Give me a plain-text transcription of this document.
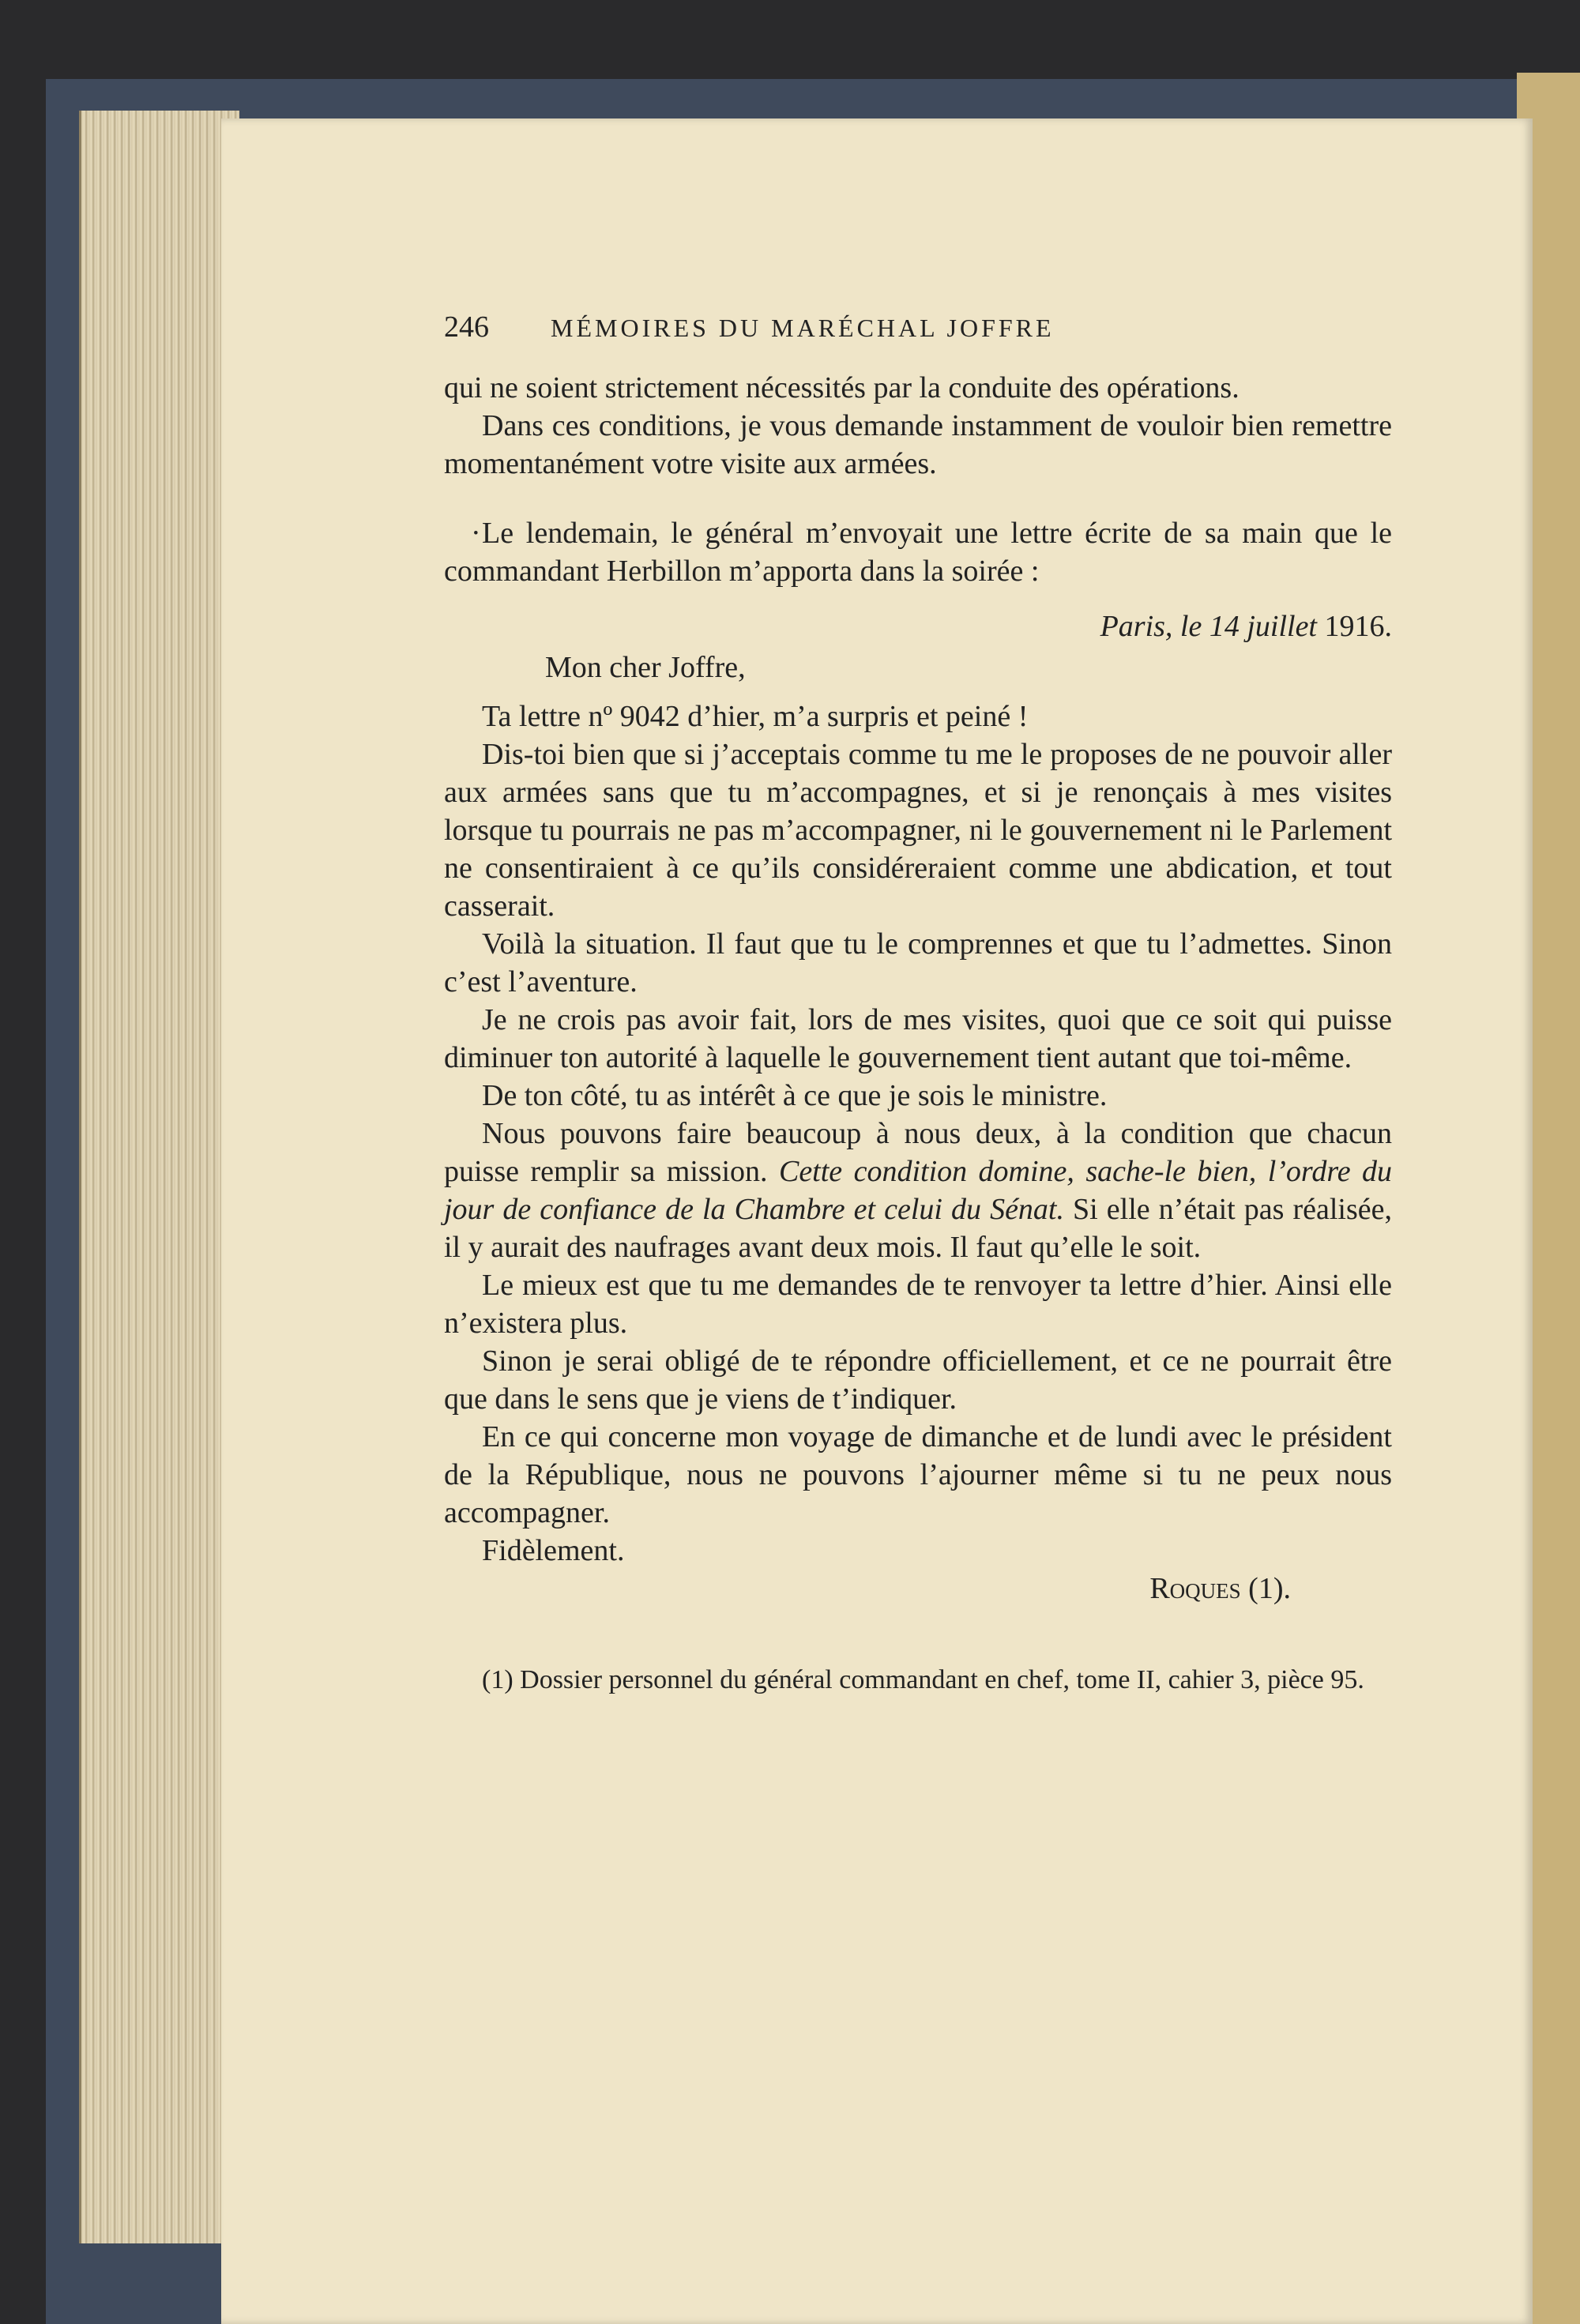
246	MÉMOIRES DU MARÉCHAL JOFFRE

qui ne soient strictement nécessités par la conduite des opérations.

Dans ces conditions, je vous demande instamment de vouloir bien remettre momentanément votre visite aux armées.

· Le lendemain, le général m’envoyait une lettre écrite de sa main que le commandant Herbillon m’apporta dans la soirée :

Paris, le 14 juillet 1916.
Mon cher Joffre,

Ta lettre nº 9042 d’hier, m’a surpris et peiné !

Dis-toi bien que si j’acceptais comme tu me le proposes de ne pouvoir aller aux armées sans que tu m’accompagnes, et si je renonçais à mes visites lorsque tu pourrais ne pas m’accompagner, ni le gouvernement ni le Parlement ne consentiraient à ce qu’ils considéreraient comme une abdication, et tout casserait.

Voilà la situation. Il faut que tu le comprennes et que tu l’admettes. Sinon c’est l’aventure.

Je ne crois pas avoir fait, lors de mes visites, quoi que ce soit qui puisse diminuer ton autorité à laquelle le gouvernement tient autant que toi-même.

De ton côté, tu as intérêt à ce que je sois le ministre.

Nous pouvons faire beaucoup à nous deux, à la condition que chacun puisse remplir sa mission. Cette condition domine, sache-le bien, l’ordre du jour de confiance de la Chambre et celui du Sénat. Si elle n’était pas réalisée, il y aurait des naufrages avant deux mois. Il faut qu’elle le soit.

Le mieux est que tu me demandes de te renvoyer ta lettre d’hier. Ainsi elle n’existera plus.

Sinon je serai obligé de te répondre officiellement, et ce ne pourrait être que dans le sens que je viens de t’indiquer.

En ce qui concerne mon voyage de dimanche et de lundi avec le président de la République, nous ne pouvons l’ajourner même si tu ne peux nous accompagner.

Fidèlement.
Roques (1).

(1) Dossier personnel du général commandant en chef, tome II, cahier 3, pièce 95.
